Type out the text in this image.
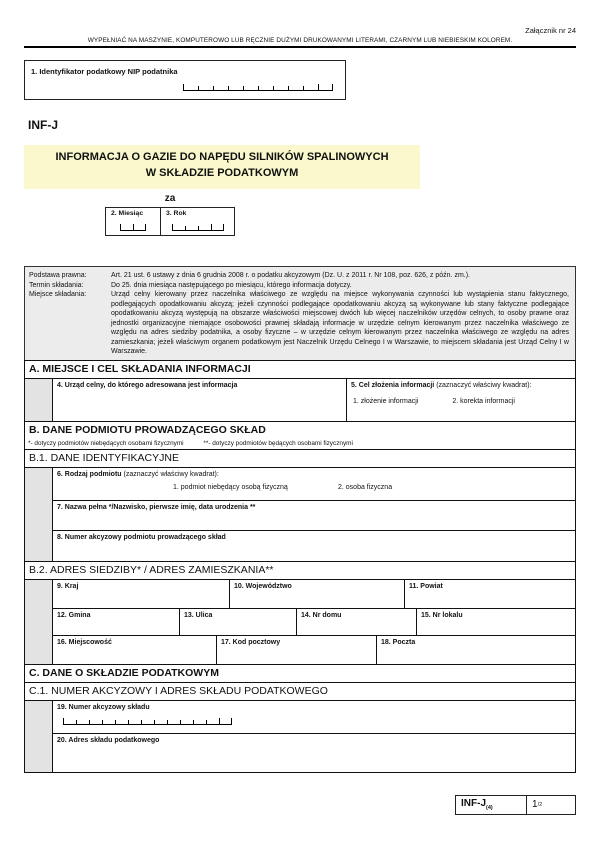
Załącznik nr 24
WYPEŁNIAĆ NA MASZYNIE, KOMPUTEROWO LUB RĘCZNIE DUŻYMI DRUKOWANYMI LITERAMI, CZARNYM LUB NIEBIESKIM KOLOREM.
1. Identyfikator podatkowy NIP podatnika
INF-J
INFORMACJA O GAZIE DO NAPĘDU SILNIKÓW SPALINOWYCH
W SKŁADZIE PODATKOWYM
za
2. Miesiąc	3. Rok
Podstawa prawna:	Art. 21 ust. 6 ustawy z dnia 6 grudnia 2008 r. o podatku akcyzowym (Dz. U. z 2011 r. Nr 108, poz. 626, z późn. zm.).
Termin składania:	Do 25. dnia miesiąca następującego po miesiącu, którego informacja dotyczy.
Miejsce składania:	Urząd celny kierowany przez naczelnika właściwego ze względu na miejsce wykonywania czynności lub wystąpienia stanu faktycznego, podlegających opodatkowaniu akcyzą; jeżeli czynności podlegające opodatkowaniu akcyzą są wykonywane lub stany faktyczne podlegające opodatkowaniu akcyzą występują na obszarze właściwości miejscowej dwóch lub więcej naczelników urzędów celnych, to osoby prawne oraz jednostki organizacyjne niemające osobowości prawnej składają informacje w urzędzie celnym kierowanym przez naczelnika właściwego ze względu na adres siedziby podatnika, a osoby fizyczne – w urzędzie celnym kierowanym przez naczelnika właściwego ze względu na adres zamieszkania; jeżeli właściwym organem podatkowym jest Naczelnik Urzędu Celnego I w Warszawie, to miejscem składania jest Urząd Celny I w Warszawie.
A. MIEJSCE I CEL SKŁADANIA INFORMACJI
4. Urząd celny, do którego adresowana jest informacja	5. Cel złożenia informacji (zaznaczyć właściwy kwadrat):
1. złożenie informacji	2. korekta informacji
B. DANE PODMIOTU PROWADZĄCEGO SKŁAD
*- dotyczy podmiotów niebędących osobami fizycznymi	**- dotyczy podmiotów będących osobami fizycznymi
B.1. DANE IDENTYFIKACYJNE
6. Rodzaj podmiotu (zaznaczyć właściwy kwadrat):
1. podmiot niebędący osobą fizyczną	2. osoba fizyczna
7. Nazwa pełna */Nazwisko, pierwsze imię, data urodzenia **
8. Numer akcyzowy podmiotu prowadzącego skład
B.2. ADRES SIEDZIBY* / ADRES ZAMIESZKANIA**
9. Kraj	10. Województwo	11. Powiat
12. Gmina	13. Ulica	14. Nr domu	15. Nr lokalu
16. Miejscowość	17. Kod pocztowy	18. Poczta
C. DANE O SKŁADZIE PODATKOWYM
C.1. NUMER AKCYZOWY I ADRES SKŁADU PODATKOWEGO
19. Numer akcyzowy składu
20. Adres składu podatkowego
INF-$J_{(4)}$	1 /2
